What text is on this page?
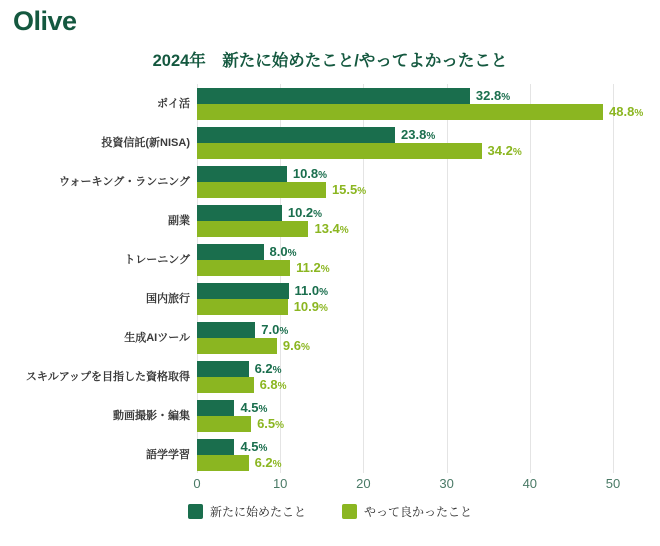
Olive
2024年　新たに始めたこと/やってよかったこと
ポイ活
32.8%
48.8%
投資信託(新NISA)
23.8%
34.2%
ウォーキング・ランニング
10.8%
15.5%
副業
10.2%
13.4%
トレーニング
8.0%
11.2%
国内旅行
11.0%
10.9%
生成AIツール
7.0%
9.6%
スキルアップを目指した資格取得
6.2%
6.8%
動画撮影・編集
4.5%
6.5%
語学学習
4.5%
6.2%
0	10	20	30	40	50
新たに始めたこと	やって良かったこと
